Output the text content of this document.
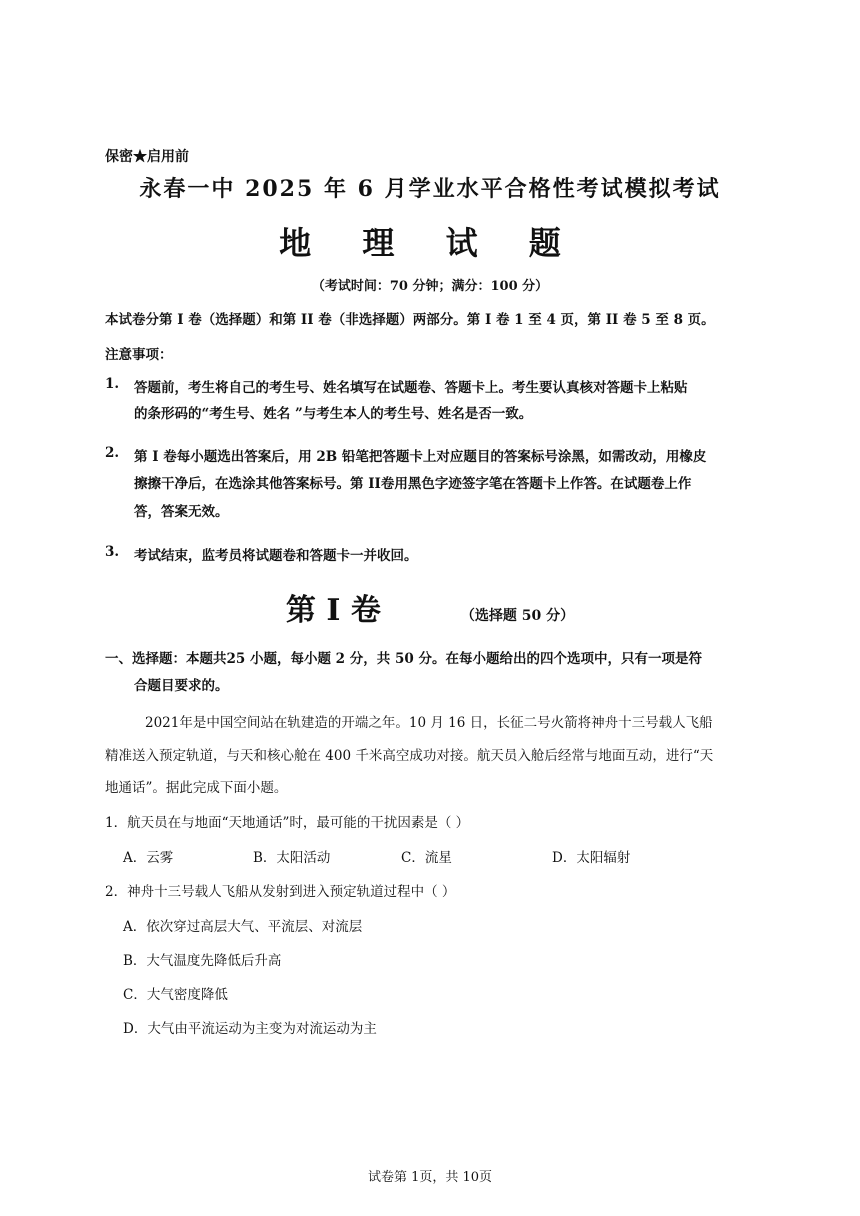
保密★启用前
永春一中 2025 年 6 月学业水平合格性考试模拟考试
地 理 试 题
（考试时间：70 分钟；满分：100 分）
本试卷分第 I 卷（选择题）和第 II 卷（非选择题）两部分。第 I 卷 1 至 4 页，第 II 卷 5 至 8 页。
注意事项：
1. 答题前，考生将自己的考生号、姓名填写在试题卷、答题卡上。考生要认真核对答题卡上粘贴
的条形码的“考生号、姓名 ”与考生本人的考生号、姓名是否一致。
2. 第 I 卷每小题选出答案后，用 2B 铅笔把答题卡上对应题目的答案标号涂黑，如需改动，用橡皮
擦擦干净后，在选涂其他答案标号。第 II卷用黑色字迹签字笔在答题卡上作答。在试题卷上作
答，答案无效。
3. 考试结束，监考员将试题卷和答题卡一并收回。
第 I 卷	（选择题 50 分）
一、选择题：本题共25 小题，每小题 2 分，共 50 分。在每小题给出的四个选项中，只有一项是符
合题目要求的。
2021年是中国空间站在轨建造的开端之年。10 月 16 日，长征二号火箭将神舟十三号载人飞船
精准送入预定轨道，与天和核心舱在 400 千米高空成功对接。航天员入舱后经常与地面互动，进行“天
地通话”。据此完成下面小题。
1．航天员在与地面“天地通话”时，最可能的干扰因素是（ ）
A．云雾	B．太阳活动	C．流星	D．太阳辐射
2．神舟十三号载人飞船从发射到进入预定轨道过程中（ ）
A．依次穿过高层大气、平流层、对流层
B．大气温度先降低后升高
C．大气密度降低
D．大气由平流运动为主变为对流运动为主
试卷第 1页，共 10页
